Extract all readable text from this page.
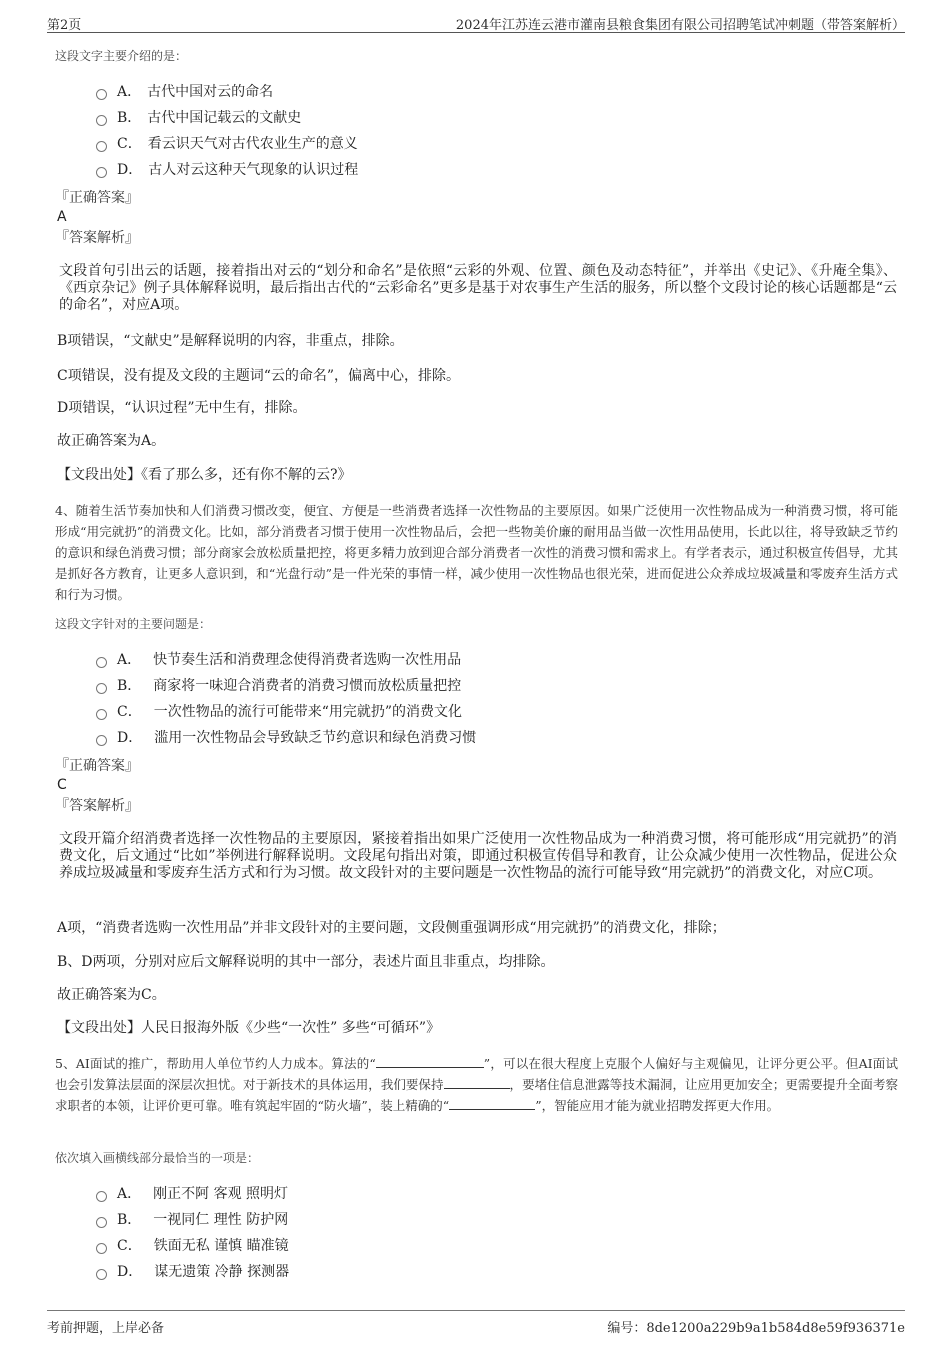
第2页	2024年江苏连云港市灌南县粮食集团有限公司招聘笔试冲刺题（带答案解析）
这段文字主要介绍的是：
A． 古代中国对云的命名
B． 古代中国记载云的文献史
C． 看云识天气对古代农业生产的意义
D． 古人对云这种天气现象的认识过程
『正确答案』
A
『答案解析』
文段首句引出云的话题，接着指出对云的“划分和命名”是依照“云彩的外观、位置、颜色及动态特征”，并举出《史记》、《升庵全集》、《西京杂记》例子具体解释说明，最后指出古代的“云彩命名”更多是基于对农事生产生活的服务，所以整个文段讨论的核心话题都是“云的命名”，对应A项。
B项错误，“文献史”是解释说明的内容，非重点，排除。
C项错误，没有提及文段的主题词“云的命名”，偏离中心，排除。
D项错误，“认识过程”无中生有，排除。
故正确答案为A。
【文段出处】《看了那么多，还有你不解的云?》
4、随着生活节奏加快和人们消费习惯改变，便宜、方便是一些消费者选择一次性物品的主要原因。如果广泛使用一次性物品成为一种消费习惯，将可能形成“用完就扔”的消费文化。比如，部分消费者习惯于使用一次性物品后，会把一些物美价廉的耐用品当做一次性用品使用，长此以往，将导致缺乏节约的意识和绿色消费习惯；部分商家会放松质量把控，将更多精力放到迎合部分消费者一次性的消费习惯和需求上。有学者表示，通过积极宣传倡导，尤其是抓好各方教育，让更多人意识到，和“光盘行动”是一件光荣的事情一样，减少使用一次性物品也很光荣，进而促进公众养成垃圾减量和零废弃生活方式和行为习惯。
这段文字针对的主要问题是：
A． 快节奏生活和消费理念使得消费者选购一次性用品
B． 商家将一味迎合消费者的消费习惯而放松质量把控
C． 一次性物品的流行可能带来“用完就扔”的消费文化
D． 滥用一次性物品会导致缺乏节约意识和绿色消费习惯
『正确答案』
C
『答案解析』
文段开篇介绍消费者选择一次性物品的主要原因，紧接着指出如果广泛使用一次性物品成为一种消费习惯，将可能形成“用完就扔”的消费文化，后文通过“比如”举例进行解释说明。文段尾句指出对策，即通过积极宣传倡导和教育，让公众减少使用一次性物品，促进公众养成垃圾减量和零废弃生活方式和行为习惯。故文段针对的主要问题是一次性物品的流行可能导致“用完就扔”的消费文化，对应C项。
A项，“消费者选购一次性用品”并非文段针对的主要问题，文段侧重强调形成“用完就扔”的消费文化，排除；
B、D两项，分别对应后文解释说明的其中一部分，表述片面且非重点，均排除。
故正确答案为C。
【文段出处】人民日报海外版《少些“一次性” 多些“可循环”》
5、AI面试的推广，帮助用人单位节约人力成本。算法的“	”，可以在很大程度上克服个人偏好与主观偏见，让评分更公平。但AI面试也会引发算法层面的深层次担忧。对于新技术的具体运用，我们要保持	，要堵住信息泄露等技术漏洞，让应用更加安全；更需要提升全面考察求职者的本领，让评价更可靠。唯有筑起牢固的“防火墙”，装上精确的“	”，智能应用才能为就业招聘发挥更大作用。
依次填入画横线部分最恰当的一项是：
A． 刚正不阿 客观 照明灯
B． 一视同仁 理性 防护网
C． 铁面无私 谨慎 瞄准镜
D． 谋无遗策 冷静 探测器
考前押题，上岸必备	编号：8de1200a229b9a1b584d8e59f936371e
